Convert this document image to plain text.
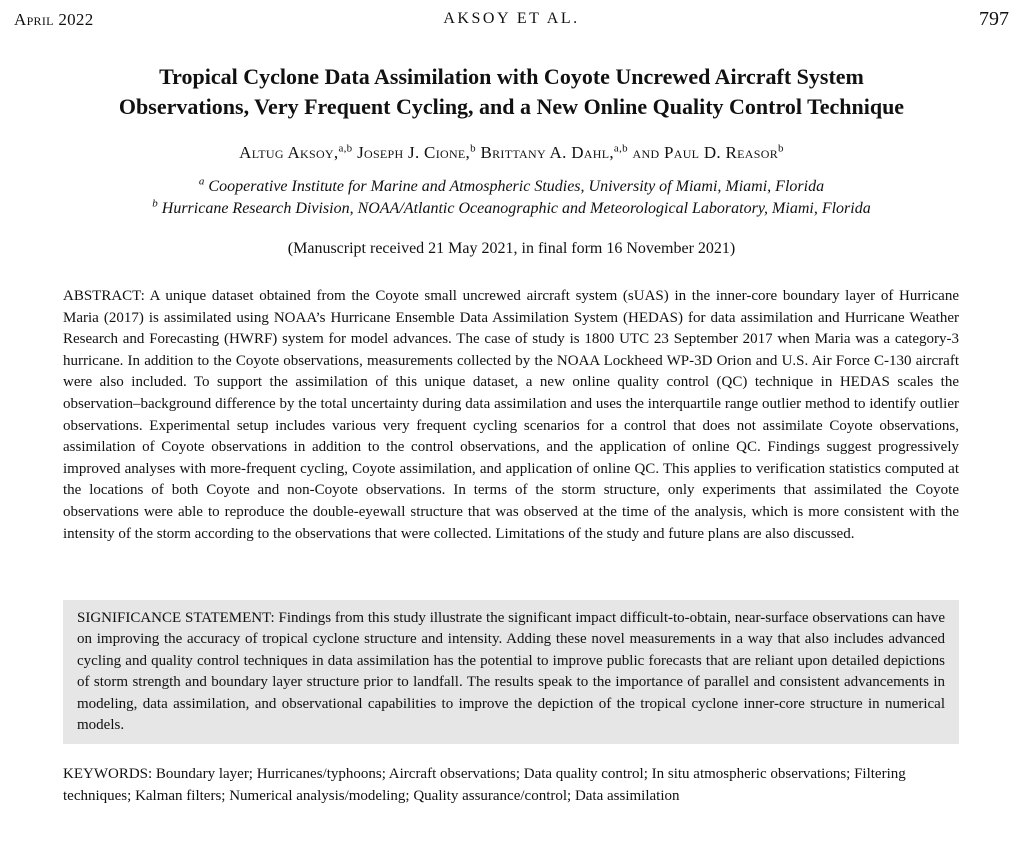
April 2022	AKSOY ET AL.	797
Tropical Cyclone Data Assimilation with Coyote Uncrewed Aircraft System
Observations, Very Frequent Cycling, and a New Online Quality Control Technique
Altug Aksoy,$^{a,b}$ Joseph J. Cione,$^b$ Brittany A. Dahl,$^{a,b}$ and Paul D. Reasor$^b$
$^a$ Cooperative Institute for Marine and Atmospheric Studies, University of Miami, Miami, Florida
$^b$ Hurricane Research Division, NOAA/Atlantic Oceanographic and Meteorological Laboratory, Miami, Florida
(Manuscript received 21 May 2021, in final form 16 November 2021)

ABSTRACT: A unique dataset obtained from the Coyote small uncrewed aircraft system (sUAS) in the inner-core boundary layer of Hurricane Maria (2017) is assimilated using NOAA’s Hurricane Ensemble Data Assimilation System (HEDAS) for data assimilation and Hurricane Weather Research and Forecasting (HWRF) system for model advances. The case of study is 1800 UTC 23 September 2017 when Maria was a category-3 hurricane. In addition to the Coyote observations, measurements collected by the NOAA Lockheed WP-3D Orion and U.S. Air Force C-130 aircraft were also included. To support the assimilation of this unique dataset, a new online quality control (QC) technique in HEDAS scales the observation–background difference by the total uncertainty during data assimilation and uses the interquartile range outlier method to identify outlier observations. Experimental setup includes various very frequent cycling scenarios for a control that does not assimilate Coyote observations, assimilation of Coyote observations in addition to the control observations, and the application of online QC. Findings suggest progressively improved analyses with more-frequent cycling, Coyote assimilation, and application of online QC. This applies to verification statistics computed at the locations of both Coyote and non-Coyote observations. In terms of the storm structure, only experiments that assimilated the Coyote observations were able to reproduce the double-eyewall structure that was observed at the time of the analysis, which is more consistent with the intensity of the storm according to the observations that were collected. Limitations of the study and future plans are also discussed.

SIGNIFICANCE STATEMENT: Findings from this study illustrate the significant impact difficult-to-obtain, near-surface observations can have on improving the accuracy of tropical cyclone structure and intensity. Adding these novel measurements in a way that also includes advanced cycling and quality control techniques in data assimilation has the potential to improve public forecasts that are reliant upon detailed depictions of storm strength and boundary layer structure prior to landfall. The results speak to the importance of parallel and consistent advancements in modeling, data assimilation, and observational capabilities to improve the depiction of the tropical cyclone inner-core structure in numerical models.

KEYWORDS: Boundary layer; Hurricanes/typhoons; Aircraft observations; Data quality control; In situ atmospheric observations; Filtering techniques; Kalman filters; Numerical analysis/modeling; Quality assurance/control; Data assimilation
